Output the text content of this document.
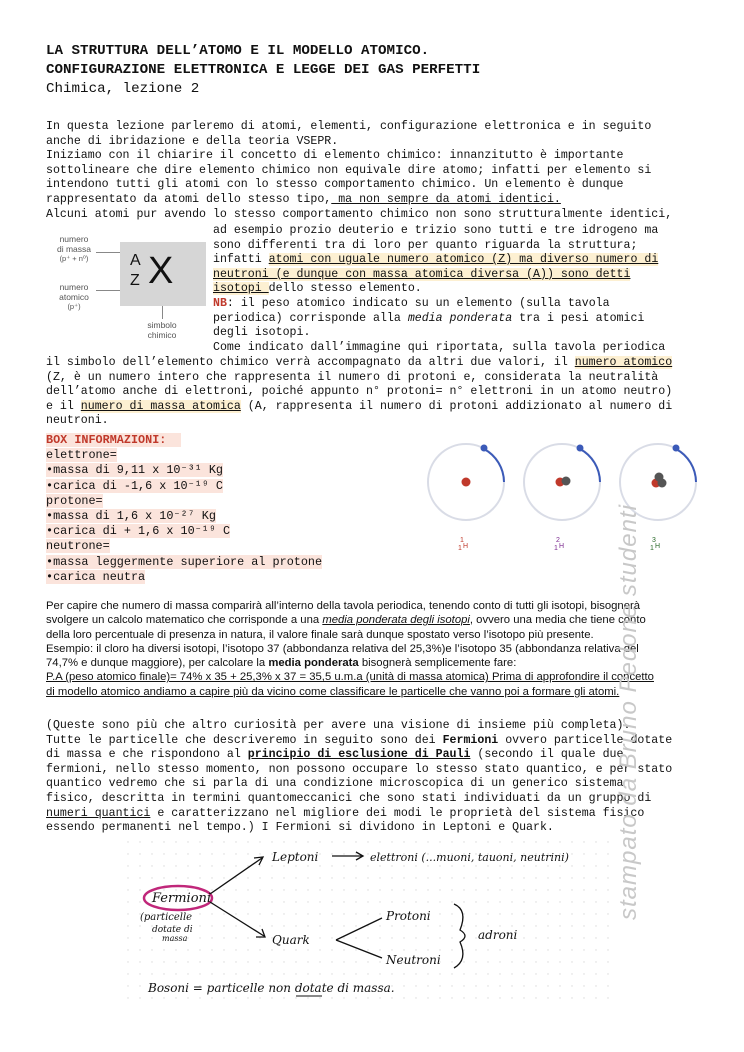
LA STRUTTURA DELL’ATOMO E IL MODELLO ATOMICO.
CONFIGURAZIONE ELETTRONICA E LEGGE DEI GAS PERFETTI
Chimica, lezione 2
In questa lezione parleremo di atomi, elementi, configurazione elettronica e in seguito
anche di ibridazione e della teoria VSEPR.
Iniziamo con il chiarire il concetto di elemento chimico: innanzitutto è importante
sottolineare che dire elemento chimico non equivale dire atomo; infatti per elemento si
intendono tutti gli atomi con lo stesso comportamento chimico. Un elemento è dunque
rappresentato da atomi dello stesso tipo, ma non sempre da atomi identici.
Alcuni atomi pur avendo lo stesso comportamento chimico non sono strutturalmente identici,
numero
di massa
(p⁺ + n⁰)
numero
atomico
(p⁺)
A
Z X
simbolo
chimico
ad esempio prozio deuterio e trizio sono tutti e tre idrogeno ma
sono differenti tra di loro per quanto riguarda la struttura;
infatti atomi con uguale numero atomico (Z) ma diverso numero di
neutroni (e dunque con massa atomica diversa (A)) sono detti
isotopi dello stesso elemento.
NB: il peso atomico indicato su un elemento (sulla tavola
periodica) corrisponde alla media ponderata tra i pesi atomici
degli isotopi.
Come indicato dall’immagine qui riportata, sulla tavola periodica
il simbolo dell’elemento chimico verrà accompagnato da altri due valori, il numero atomico
(Z, è un numero intero che rappresenta il numero di protoni e, considerata la neutralità
dell’atomo anche di elettroni, poiché appunto n° protoni= n° elettroni in un atomo neutro)
e il numero di massa atomica (A, rappresenta il numero di protoni addizionato al numero di
neutroni.
BOX INFORMAZIONI:
elettrone=
•massa di 9,11 x 10⁻³¹ Kg
•carica di -1,6 x 10⁻¹⁹ C
protone=
•massa di 1,6 x 10⁻²⁷ Kg
•carica di + 1,6 x 10⁻¹⁹ C
neutrone=
•massa leggermente superiore al protone
•carica neutra
1
1 H
2
1 H
3
1 H
Per capire che numero di massa comparirà all’interno della tavola periodica, tenendo conto di tutti gli isotopi, bisognerà
svolgere un calcolo matematico che corrisponde a una media ponderata degli isotopi, ovvero una media che tiene conto
della loro percentuale di presenza in natura, il valore finale sarà dunque spostato verso l’isotopo più presente.
Esempio: il cloro ha diversi isotopi, l’isotopo 37 (abbondanza relativa del 25,3%)e l’isotopo 35 (abbondanza relativa del
74,7% e dunque maggiore), per calcolare la media ponderata bisognerà semplicemente fare:
P.A (peso atomico finale)= 74% x 35 + 25,3% x 37 = 35,5 u.m.a (unità di massa atomica) Prima di approfondire il concetto
di modello atomico andiamo a capire più da vicino come classificare le particelle che vanno poi a formare gli atomi.
(Queste sono più che altro curiosità per avere una visione di insieme più completa).
Tutte le particelle che descriveremo in seguito sono dei Fermioni ovvero particelle dotate
di massa e che rispondono al principio di esclusione di Pauli (secondo il quale due
fermioni, nello stesso momento, non possono occupare lo stesso stato quantico, e per stato
quantico vedremo che si parla di una condizione microscopica di un generico sistema
fisico, descritta in termini quantomeccanici che sono stati individuati da un gruppo di
numeri quantici e caratterizzano nel migliore dei modi le proprietà del sistema fisico
essendo permanenti nel tempo.) I Fermioni si dividono in Leptoni e Quark.
Fermioni
(particelle
dotate di
massa
Leptoni	elettroni (...muoni, tauoni, neutrini)
Quark
Protoni
Neutroni
adroni
Bosoni = particelle non dotate di massa.
stampato da Bruno Pedone studenti
